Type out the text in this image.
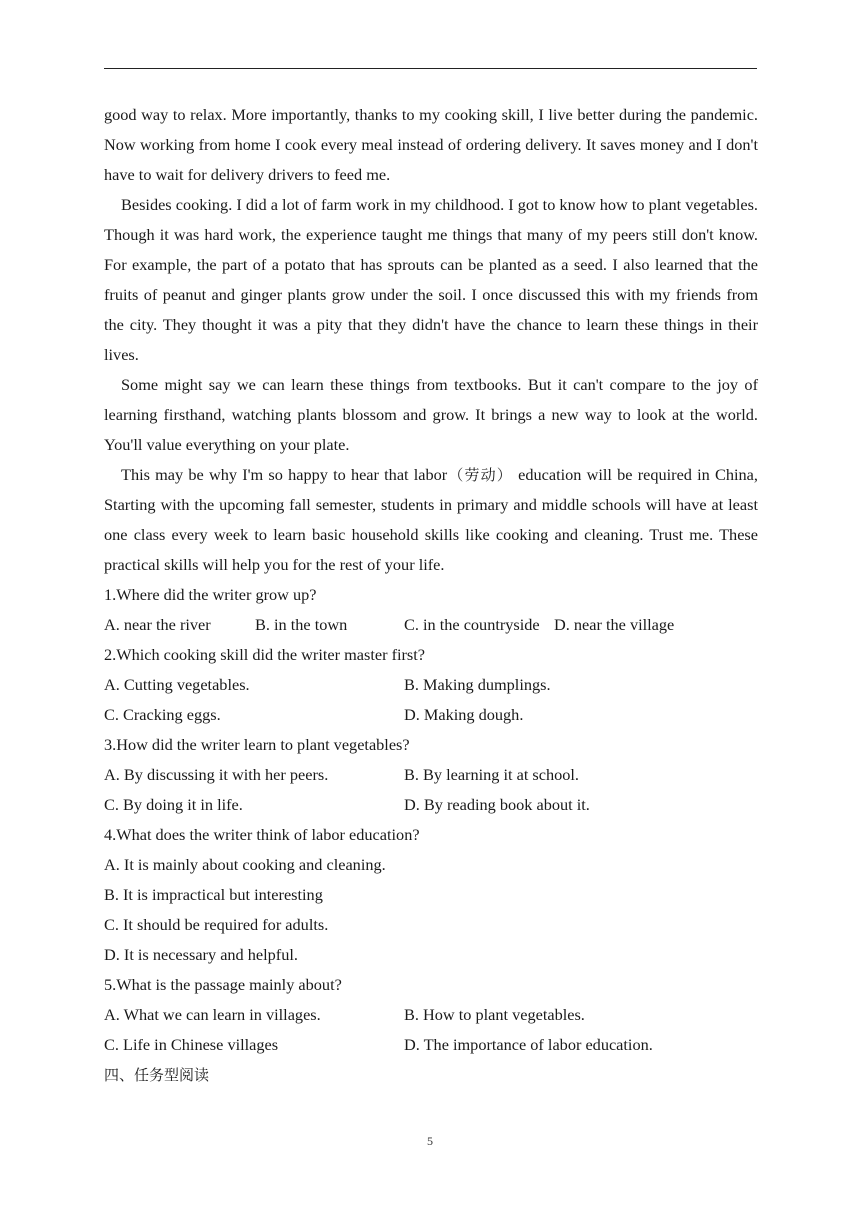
good way to relax. More importantly, thanks to my cooking skill, I live better during the pandemic. Now working from home I cook every meal instead of ordering delivery. It saves money and I don't have to wait for delivery drivers to feed me.

Besides cooking. I did a lot of farm work in my childhood. I got to know how to plant vegetables. Though it was hard work, the experience taught me things that many of my peers still don't know. For example, the part of a potato that has sprouts can be planted as a seed. I also learned that the fruits of peanut and ginger plants grow under the soil. I once discussed this with my friends from the city. They thought it was a pity that they didn't have the chance to learn these things in their lives.

Some might say we can learn these things from textbooks. But it can't compare to the joy of learning firsthand, watching plants blossom and grow. It brings a new way to look at the world. You'll value everything on your plate.

This may be why I'm so happy to hear that labor（劳动） education will be required in China, Starting with the upcoming fall semester, students in primary and middle schools will have at least one class every week to learn basic household skills like cooking and cleaning. Trust me. These practical skills will help you for the rest of your life.

1.Where did the writer grow up?
A. near the river	B. in the town	C. in the countryside D. near the village
2.Which cooking skill did the writer master first?
A. Cutting vegetables.	B. Making dumplings.
C. Cracking eggs.	D. Making dough.
3.How did the writer learn to plant vegetables?
A. By discussing it with her peers.	B. By learning it at school.
C. By doing it in life.	D. By reading book about it.
4.What does the writer think of labor education?
A. It is mainly about cooking and cleaning.
B. It is impractical but interesting
C. It should be required for adults.
D. It is necessary and helpful.
5.What is the passage mainly about?
A. What we can learn in villages.	B. How to plant vegetables.
C. Life in Chinese villages	D. The importance of labor education.
四、任务型阅读
5
